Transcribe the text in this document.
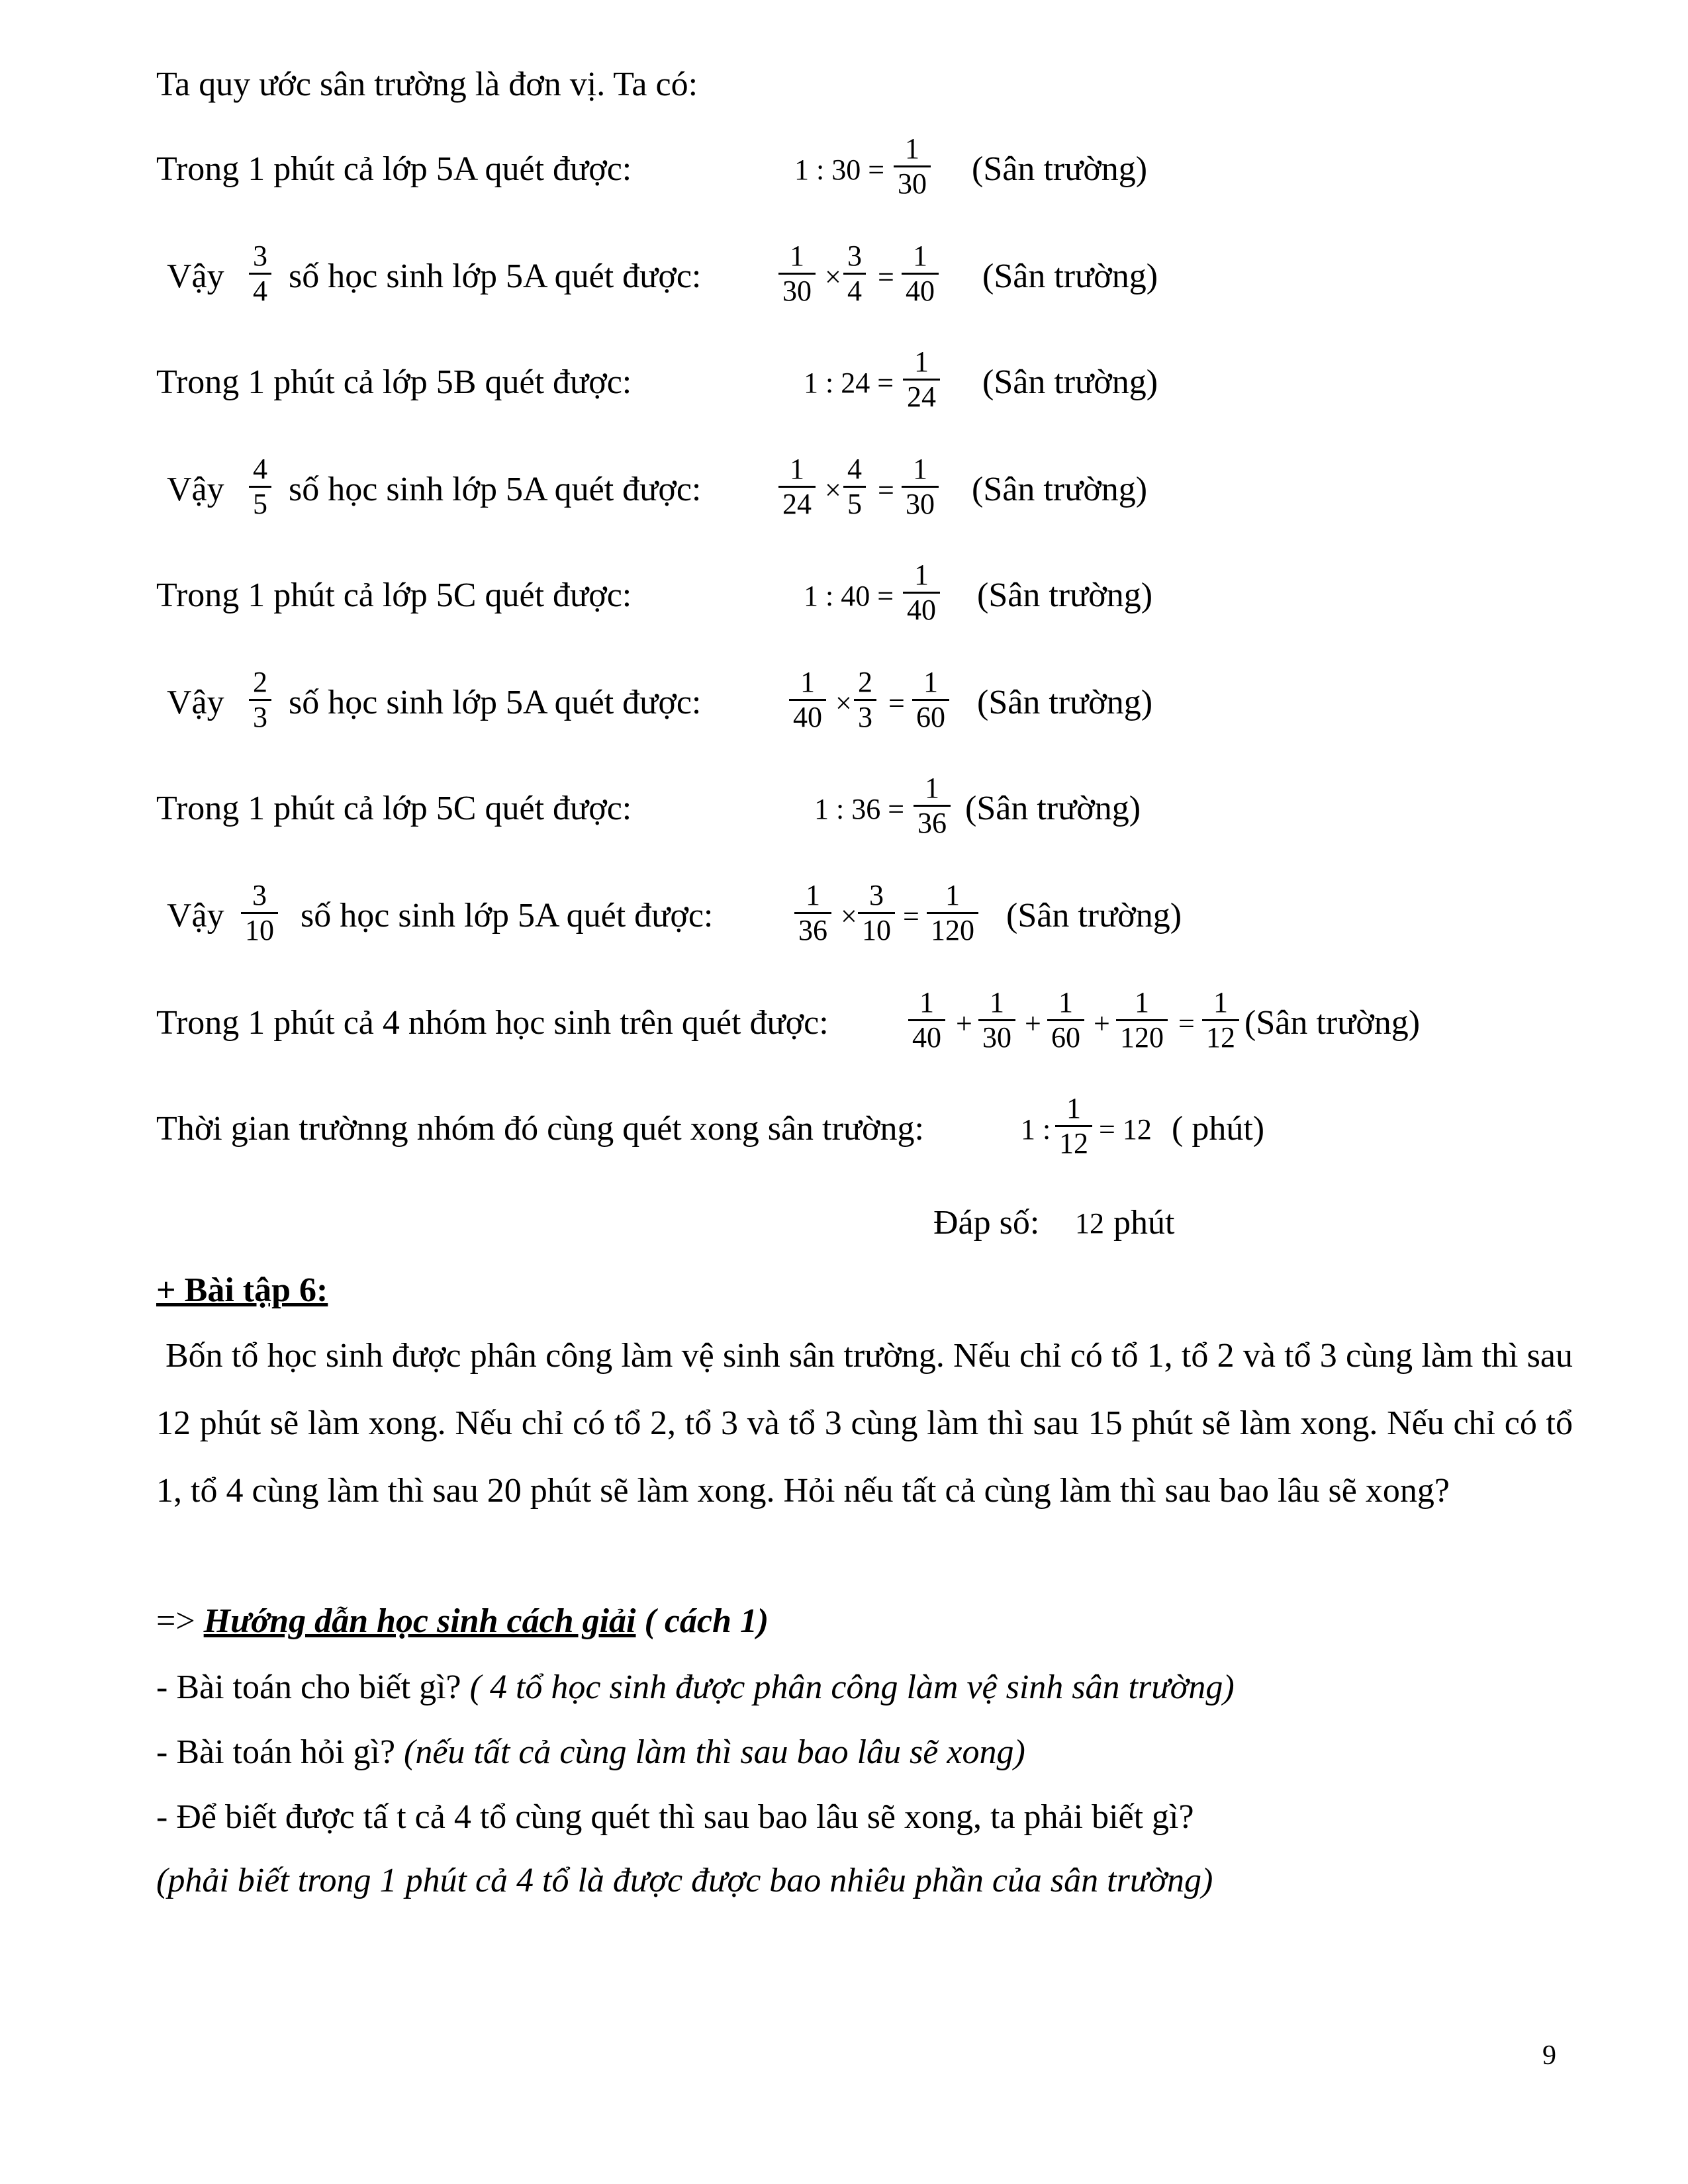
Ta quy ước sân trường là đơn vị. Ta có:
Trong 1 phút cả lớp 5A quét được:	1 : 30 =
1
30 (Sân trường)
Vậy
3
4 số học sinh lớp 5A quét được:
1
30 ×
3
4 =
1
40 (Sân trường)
Trong 1 phút cả lớp 5B quét được:	1 : 24 =
1
24 (Sân trường)
Vậy
4
5 số học sinh lớp 5A quét được:
1
24 ×
4
5 =
1
30 (Sân trường)
Trong 1 phút cả lớp 5C quét được:	1 : 40 =
1
40 (Sân trường)
Vậy
2
3 số học sinh lớp 5A quét được:
1
40 ×
2
3 =
1
60 (Sân trường)
Trong 1 phút cả lớp 5C quét được:	1 : 36 =
1
36 (Sân trường)
Vậy
3
10 số học sinh lớp 5A quét được:
1
36 ×
3
10 =
1
120 (Sân trường)
Trong 1 phút cả 4 nhóm học sinh trên quét được:
1
40 +
1
30 +
1
60 +
1
120 =
1
12 (Sân trường)
Thời gian trườnng nhóm đó cùng quét xong sân trường:	1 :
1
12 = 12 ( phút)
Đáp số: 12 phút
+ Bài tập 6:
Bốn tổ học sinh được phân công làm vệ sinh sân trường. Nếu chỉ có tổ 1, tổ 2 và tổ 3 cùng làm thì sau 12 phút sẽ làm xong. Nếu chỉ có tổ 2, tổ 3 và tổ 3 cùng làm thì sau 15 phút sẽ làm xong. Nếu chỉ có tổ 1, tổ 4 cùng làm thì sau 20 phút sẽ làm xong. Hỏi nếu tất cả cùng làm thì sau bao lâu sẽ xong?
=> Hướng dẫn học sinh cách giải ( cách 1)
- Bài toán cho biết gì? ( 4 tổ học sinh được phân công làm vệ sinh sân trường)
- Bài toán hỏi gì? (nếu tất cả cùng làm thì sau bao lâu sẽ xong)
- Để biết được tấ t cả 4 tổ cùng quét thì sau bao lâu sẽ xong, ta phải biết gì?
(phải biết trong 1 phút cả 4 tổ là được được bao nhiêu phần của sân trường)
9
